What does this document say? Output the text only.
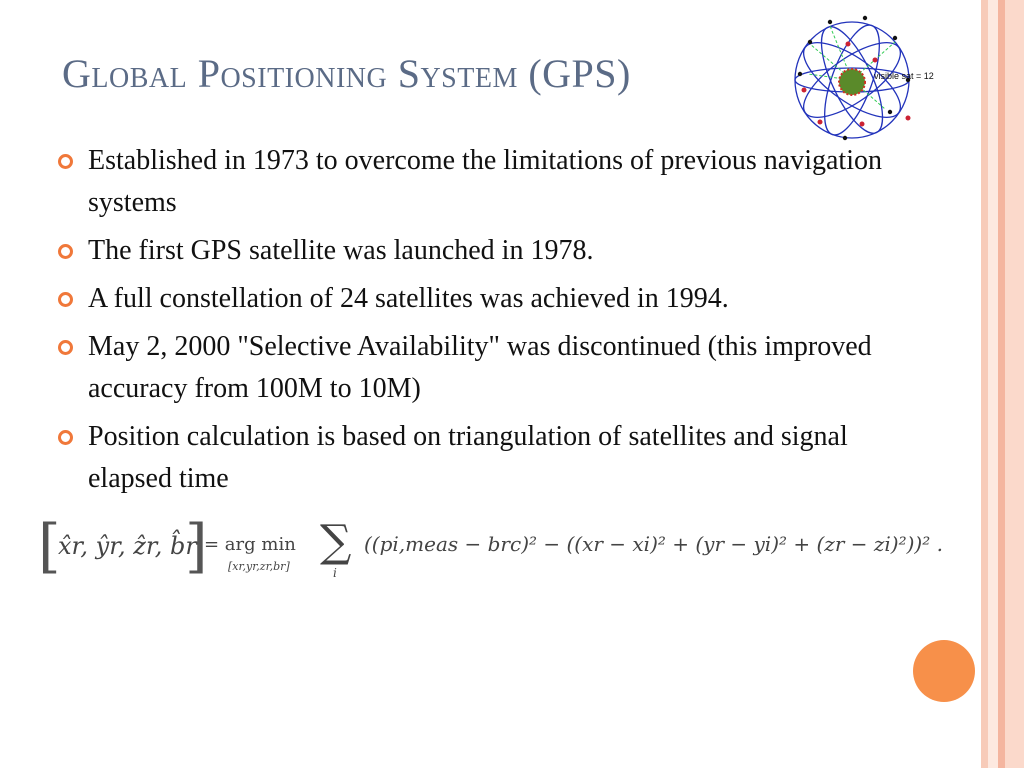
Global Positioning System (GPS)	visible sat = 12
Established in 1973 to overcome the limitations of previous navigation systems
The first GPS satellite was launched in 1978.
A full constellation of 24 satellites was achieved in 1994.
May 2, 2000 "Selective Availability" was discontinued (this improved accuracy from 100M to 10M)
Position calculation is based on triangulation of satellites and signal elapsed time
[
x̂r, ŷr, ẑr, b̂r
]
= arg min
[xr,yr,zr,br] ∑
i
((pi,meas − brc)² − ((xr − xi)² + (yr − yi)² + (zr − zi)²))² .
